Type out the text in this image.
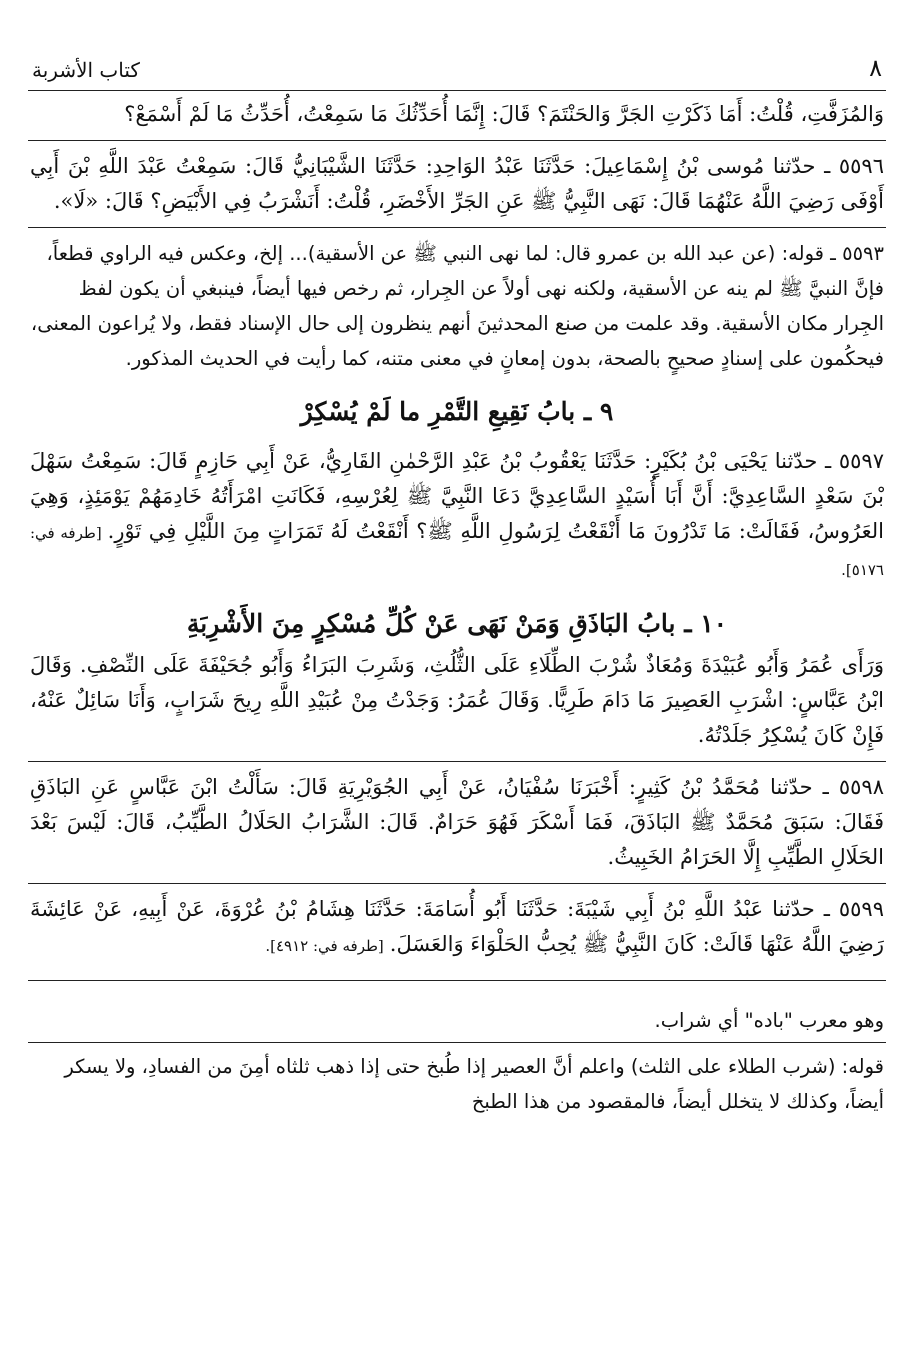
٨
كتاب الأشربة

وَالمُزَفَّتِ، قُلْتُ: أَمَا ذَكَرْتِ الجَرَّ وَالحَنْتَمَ؟ قَالَ: إِنَّمَا أُحَدِّثُكَ مَا سَمِعْتُ، أُحَدِّثُ مَا لَمْ أَسْمَعْ؟

٥٥٩٦ ـ حدّثنا مُوسى بْنُ إِسْمَاعِيلَ: حَدَّثَنَا عَبْدُ الوَاحِدِ: حَدَّثَنَا الشَّيْبَانِيُّ قَالَ: سَمِعْتُ عَبْدَ اللَّهِ بْنَ أَبِي أَوْفَى رَضِيَ اللَّهُ عَنْهُمَا قَالَ: نَهَى النَّبِيُّ ﷺ عَنِ الجَرِّ الأَخْضَرِ، قُلْتُ: أَنَشْرَبُ فِي الأَبْيَضِ؟ قَالَ: «لَا».

٥٥٩٣ ـ قوله: (عن عبد الله بن عمرو قال: لما نهى النبي ﷺ عن الأسقية)... إلخ، وعكس فيه الراوي قطعاً، فإنَّ النبيَّ ﷺ لم ينه عن الأسقية، ولكنه نهى أولاً عن الجِرار، ثم رخص فيها أيضاً، فينبغي أن يكون لفظ الجِرار مكان الأسقية. وقد علمت من صنع المحدثينَ أنهم ينظرون إلى حال الإسناد فقط، ولا يُراعون المعنى، فيحكُمون على إسنادٍ صحيحٍ بالصحة، بدون إمعانٍ في معنى متنه، كما رأيت في الحديث المذكور.

٩ ـ بابُ نَقِيعِ التَّمْرِ ما لَمْ يُسْكِرْ

٥٥٩٧ ـ حدّثنا يَحْيَى بْنُ بُكَيْرٍ: حَدَّثَنَا يَعْقُوبُ بْنُ عَبْدِ الرَّحْمٰنِ القَارِيُّ، عَنْ أَبِي حَازِمٍ قَالَ: سَمِعْتُ سَهْلَ بْنَ سَعْدٍ السَّاعِدِيَّ: أَنَّ أَبَا أُسَيْدٍ السَّاعِدِيَّ دَعَا النَّبِيَّ ﷺ لِعُرْسِهِ، فَكَانَتِ امْرَأَتُهُ خَادِمَهُمْ يَوْمَئِذٍ، وَهِيَ العَرُوسُ، فَقَالَتْ: مَا تَدْرُونَ مَا أَنْقَعْتُ لِرَسُولِ اللَّهِ ﷺ؟ أَنْقَعْتُ لَهُ تَمَرَاتٍ مِنَ اللَّيْلِ فِي تَوْرٍ.[طرفه في: ٥١٧٦].

١٠ ـ بابُ البَاذَقِ وَمَنْ نَهَى عَنْ كُلِّ مُسْكِرٍ مِنَ الأَشْرِبَةِ

وَرَأَى عُمَرُ وَأَبُو عُبَيْدَةَ وَمُعَاذٌ شُرْبَ الطِّلَاءِ عَلَى الثُّلُثِ، وَشَرِبَ البَرَاءُ وَأَبُو جُحَيْفَةَ عَلَى النِّصْفِ. وَقَالَ ابْنُ عَبَّاسٍ: اشْرَبِ العَصِيرَ مَا دَامَ طَرِيًّا. وَقَالَ عُمَرُ: وَجَدْتُ مِنْ عُبَيْدِ اللَّهِ رِيحَ شَرَابٍ، وَأَنَا سَائِلٌ عَنْهُ، فَإِنْ كَانَ يُسْكِرُ جَلَدْتُهُ.

٥٥٩٨ ـ حدّثنا مُحَمَّدُ بْنُ كَثِيرٍ: أَخْبَرَنَا سُفْيَانُ، عَنْ أَبِي الجُوَيْرِيَةِ قَالَ: سَأَلْتُ ابْنَ عَبَّاسٍ عَنِ البَاذَقِ فَقَالَ: سَبَقَ مُحَمَّدٌ ﷺ البَاذَقَ، فَمَا أَسْكَرَ فَهُوَ حَرَامٌ. قَالَ: الشَّرَابُ الحَلَالُ الطَّيِّبُ، قَالَ: لَيْسَ بَعْدَ الحَلَالِ الطَّيِّبِ إِلَّا الحَرَامُ الخَبِيثُ.

٥٥٩٩ ـ حدّثنا عَبْدُ اللَّهِ بْنُ أَبِي شَيْبَةَ: حَدَّثَنَا أَبُو أُسَامَةَ: حَدَّثَنَا هِشَامُ بْنُ عُرْوَةَ، عَنْ أَبِيهِ، عَنْ عَائِشَةَ رَضِيَ اللَّهُ عَنْهَا قَالَتْ: كَانَ النَّبِيُّ ﷺ يُحِبُّ الحَلْوَاءَ وَالعَسَلَ.[طرفه في: ٤٩١٢].

وهو معرب "باده" أي شراب.

قوله: (شرب الطلاء على الثلث) واعلم أنَّ العصير إذا طُبخ حتى إذا ذهب ثلثاه أمِنَ من الفسادِ، ولا يسكر أيضاً، وكذلك لا يتخلل أيضاً، فالمقصود من هذا الطبخ
